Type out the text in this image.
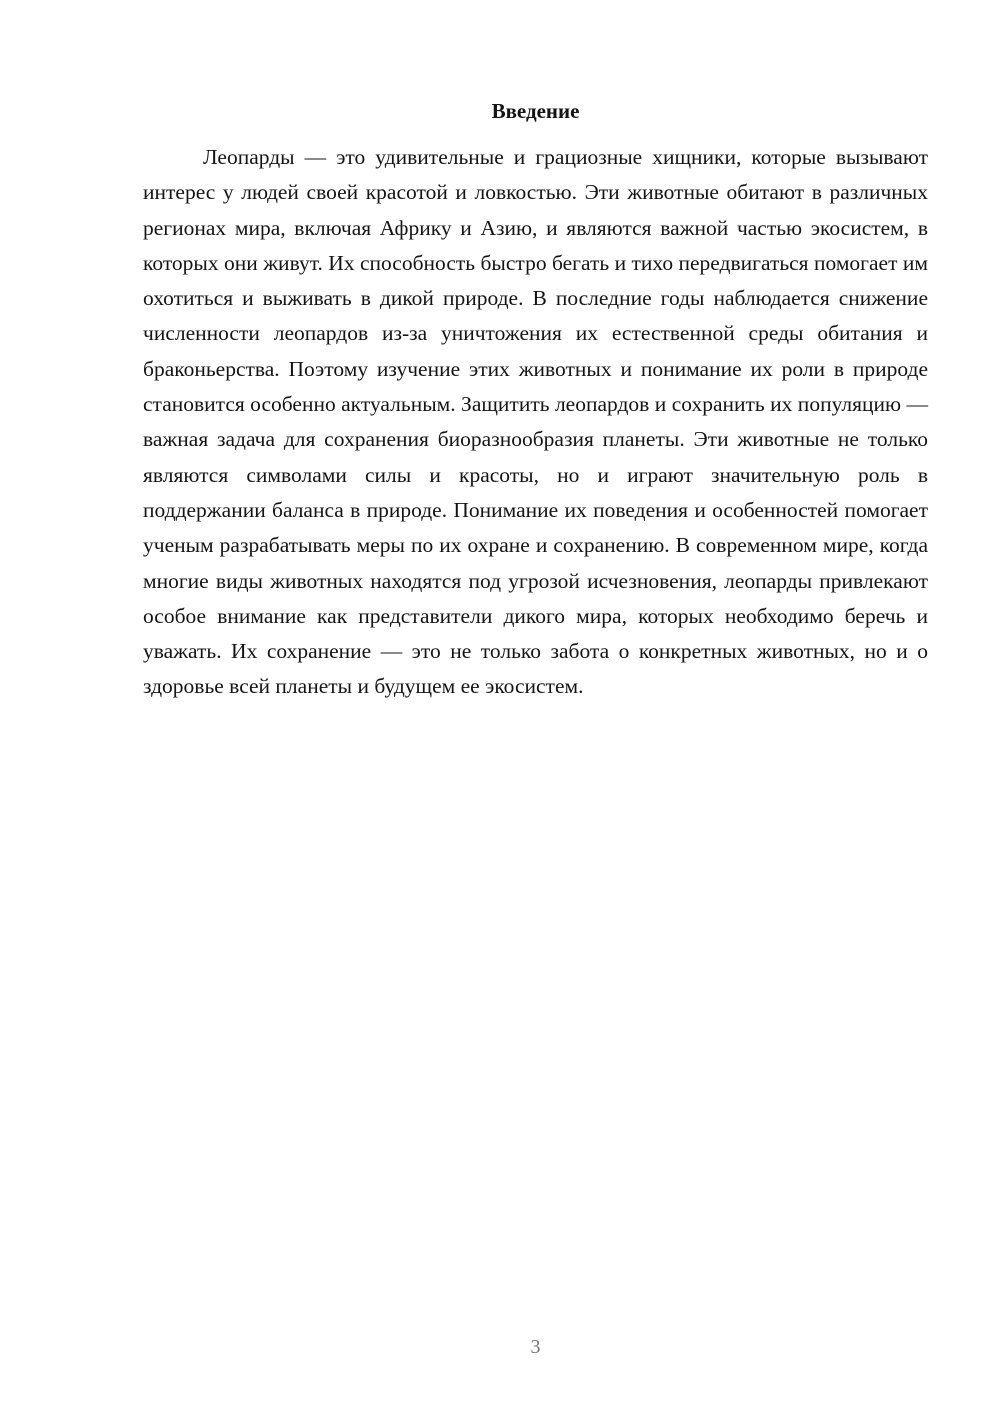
Введение

Леопарды — это удивительные и грациозные хищники, которые вызывают интерес у людей своей красотой и ловкостью. Эти животные обитают в различных регионах мира, включая Африку и Азию, и являются важной частью экосистем, в которых они живут. Их способность быстро бегать и тихо передвигаться помогает им охотиться и выживать в дикой природе. В последние годы наблюдается снижение численности леопардов из-за уничтожения их естественной среды обитания и браконьерства. Поэтому изучение этих животных и понимание их роли в природе становится особенно актуальным. Защитить леопардов и сохранить их популяцию — важная задача для сохранения биоразнообразия планеты. Эти животные не только являются символами силы и красоты, но и играют значительную роль в поддержании баланса в природе. Понимание их поведения и особенностей помогает ученым разрабатывать меры по их охране и сохранению. В современном мире, когда многие виды животных находятся под угрозой исчезновения, леопарды привлекают особое внимание как представители дикого мира, которых необходимо беречь и уважать. Их сохранение — это не только забота о конкретных животных, но и о здоровье всей планеты и будущем ее экосистем.

3
